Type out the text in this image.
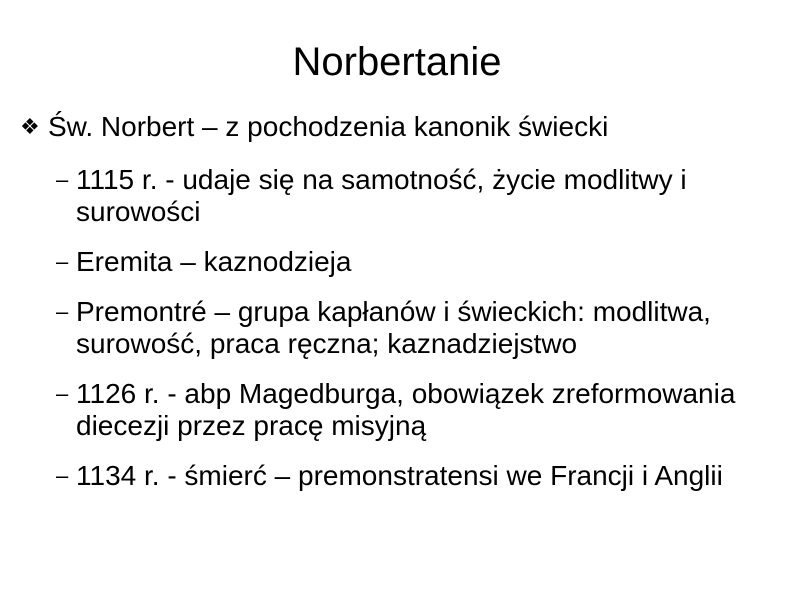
Norbertanie
❖ Św. Norbert – z pochodzenia kanonik świecki
– 1115 r. - udaje się na samotność, życie modlitwy i surowości
– Eremita – kaznodzieja
– Premontré – grupa kapłanów i świeckich: modlitwa, surowość, praca ręczna; kaznadziejstwo
– 1126 r. - abp Magedburga, obowiązek zreformowania diecezji przez pracę misyjną
– 1134 r. - śmierć – premonstratensi we Francji i Anglii
